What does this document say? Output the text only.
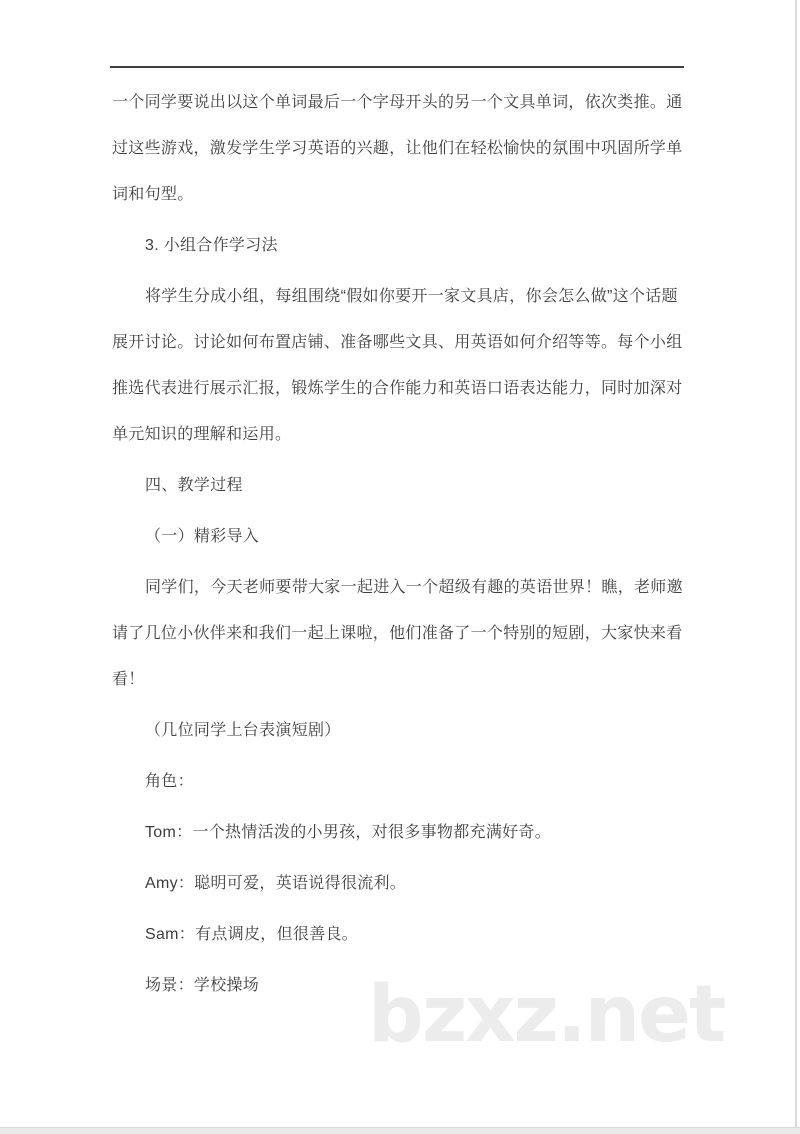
一个同学要说出以这个单词最后一个字母开头的另一个文具单词，依次类推。通
过这些游戏，激发学生学习英语的兴趣，让他们在轻松愉快的氛围中巩固所学单
词和句型。
3. 小组合作学习法
将学生分成小组，每组围绕“假如你要开一家文具店，你会怎么做”这个话题
展开讨论。讨论如何布置店铺、准备哪些文具、用英语如何介绍等等。每个小组
推选代表进行展示汇报，锻炼学生的合作能力和英语口语表达能力，同时加深对
单元知识的理解和运用。
四、教学过程
（一）精彩导入
同学们，今天老师要带大家一起进入一个超级有趣的英语世界！瞧，老师邀
请了几位小伙伴来和我们一起上课啦，他们准备了一个特别的短剧，大家快来看
看！
（几位同学上台表演短剧）
角色：
Tom：一个热情活泼的小男孩，对很多事物都充满好奇。
Amy：聪明可爱，英语说得很流利。
Sam：有点调皮，但很善良。
场景：学校操场	bzxz.net
